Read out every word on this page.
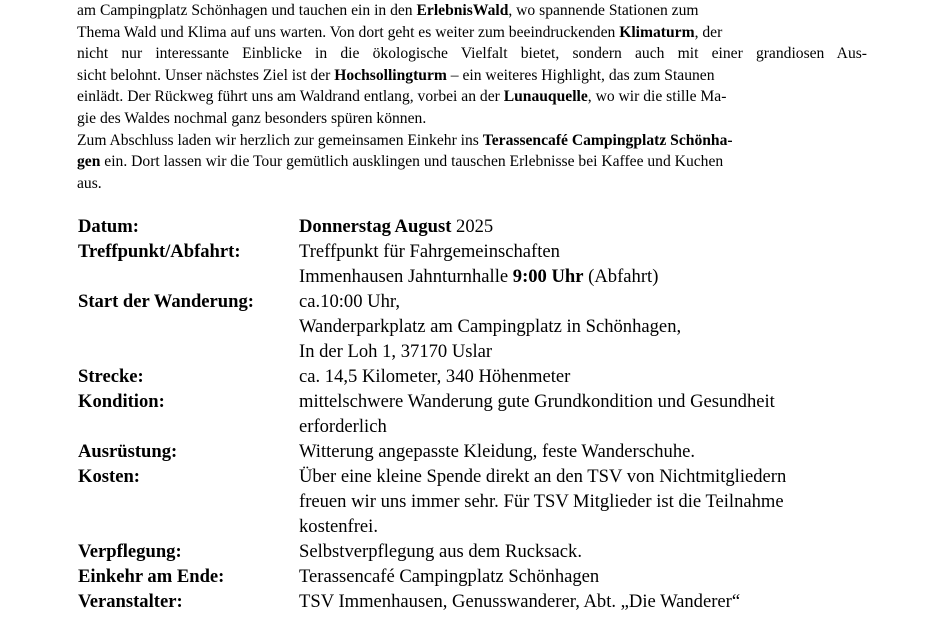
am Campingplatz Schönhagen und tauchen ein in den ErlebnisWald, wo spannende Stationen zum
Thema Wald und Klima auf uns warten. Von dort geht es weiter zum beeindruckenden Klimaturm, der
nicht nur interessante Einblicke in die ökologische Vielfalt bietet, sondern auch mit einer grandiosen Aus-
sicht belohnt. Unser nächstes Ziel ist der Hochsollingturm – ein weiteres Highlight, das zum Staunen
einlädt. Der Rückweg führt uns am Waldrand entlang, vorbei an der Lunauquelle, wo wir die stille Ma-
gie des Waldes nochmal ganz besonders spüren können.
Zum Abschluss laden wir herzlich zur gemeinsamen Einkehr ins Terassencafé Campingplatz Schönha-
gen ein. Dort lassen wir die Tour gemütlich ausklingen und tauschen Erlebnisse bei Kaffee und Kuchen
aus.
Datum:	Donnerstag August 2025
Treffpunkt/Abfahrt:	Treffpunkt für Fahrgemeinschaften
Immenhausen Jahnturnhalle 9:00 Uhr (Abfahrt)
Start der Wanderung:	ca.10:00 Uhr,
Wanderparkplatz am Campingplatz in Schönhagen,
In der Loh 1, 37170 Uslar
Strecke:	ca. 14,5 Kilometer, 340 Höhenmeter
Kondition:	mittelschwere Wanderung gute Grundkondition und Gesundheit
erforderlich
Ausrüstung:	Witterung angepasste Kleidung, feste Wanderschuhe.
Kosten:	Über eine kleine Spende direkt an den TSV von Nichtmitgliedern
freuen wir uns immer sehr. Für TSV Mitglieder ist die Teilnahme
kostenfrei.
Verpflegung:	Selbstverpflegung aus dem Rucksack.
Einkehr am Ende:	Terassencafé Campingplatz Schönhagen
Veranstalter:	TSV Immenhausen, Genusswanderer, Abt. „Die Wanderer“
